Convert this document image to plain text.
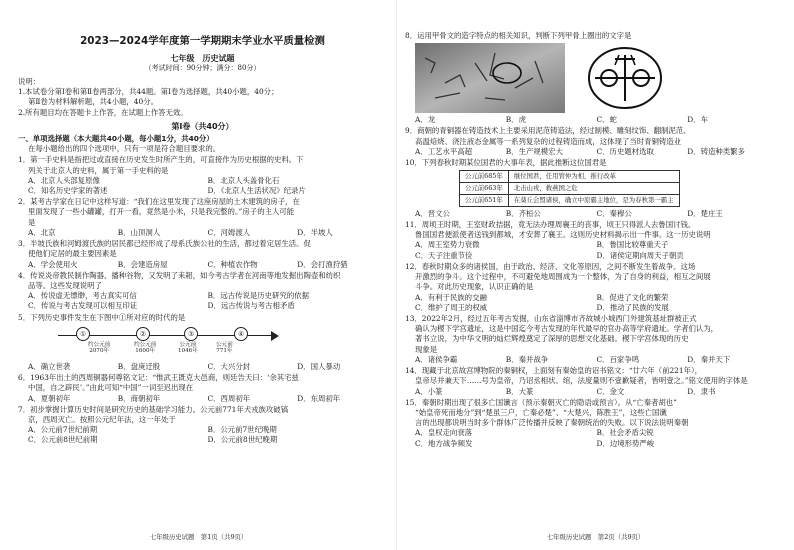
2023—2024学年度第一学期期末学业水平质量检测
七年级　历史试题
（考试时间：90分钟；满分：80分）
说明：
1.本试卷分第Ⅰ卷和第Ⅱ卷两部分，共44题。第Ⅰ卷为选择题，共40小题，40分；
第Ⅱ卷为材料解析题，共4小题，40分。
2.所有题目均在答题卡上作答，在试题上作答无效。
第Ⅰ卷（共40分）
一、单项选择题（本大题共40小题，每小题1分，共40分）
在每小题给出的四个选项中，只有一项是符合题目要求的。
1．第一手史料是指把过或直接在历史发生时所产生的，可直接作为历史根据的史料。下
列关于北京人的史料，属于第一手史料的是
A．北京人头部复原像	B．北京人头盖骨化石
C．知名历史学家的著述	D．《北京人生活状况》纪录片
2．某考古学家在日记中这样写道：“我们在这里发现了这座房屋的土木建筑的房子，在
里面发现了一些小罐罐，打开一看，竟然是小米，只是我完整的。”房子的主人可能
是
A．北京	B．山顶洞人	C．河姆渡人	D．半坡人
3．半坡氏族和河姆渡氏族的居民都已经形成了母系氏族公社的生活，都过着定居生活。促
使他们定居的最主要因素是
A．学会使用火	B．会建造房屋	C．种植农作物	D．会打渔狩猎
4．传说炎帝教民制作陶器、播种谷物，又发明了耒耜，如今考古学者在河南等地发掘出陶壶和纺织
品等。这些发现说明了
A．传说虚无缥缈，考古真实可信	B．远古传说是历史研究的依据
C．传说与考古发现可以相互印证	D．远古传说与考古相矛盾
5．下列历史事件发生在下图中①所对应的时代的是
①	②	③	④
约公元前
2070年
约公元前
1600年
公元前
1046年
公元前
771年
A．确立世袭	B．盘庚迁殷	C．大兴分封	D．国人暴动
6．1963年出土的西周铜器何尊铭文记：“惟武王既克大邑商，则廷告天曰：‘余其宅兹
中国，自之辟民’。”由此可知“中国”一词至迟出现在
A．夏朝初年	B．商朝初年	C．西周初年	D．东周初年
7．初步掌握计算历史时间是研究历史的基础学习能力。公元前771年犬戎族攻破镐
京，西周灭亡。按照公元纪年法，这一年处于
A．公元前7世纪前期	B．公元前7世纪晚期
C．公元前8世纪前期	D．公元前8世纪晚期
七年级历史试题　第1页（共9页）
8．运用甲骨文的造字特点的相关知识，判断下列甲骨上圈出的文字是
A．龙	B．虎	C．蛇	D．车
9．商朝的青铜器在铸造技术上主要采用泥范铸造法，经过制模、雕刻纹饰、翻制泥范、
高温焙烧、浇注液态金属等一系列复杂的过程铸造而成，这体现了当时青铜铸造业
A．工艺水平高超	B．生产规模宏大	C．历史题材选取	D．铸造种类繁多
10．下列春秋时期某位国君的大事年表，据此推断这位国君是
公元前685年	继位国君，任用管仲为相，推行改革
公元前663年	北击山戎，救燕国之危
公元前651年	在葵丘会盟诸侯，确立中原霸主地位，是为春秋第一霸主
A．晋文公	B．齐桓公	C．秦穆公	D．楚庄王
11．周顷王时期，王室财政拮据，竟无法办理周襄王的丧事，顷王只得派人去鲁国讨钱。
鲁国国君便派使者送钱到都城，才安葬了襄王。这则历史材料揭示出一件事。这一历史说明
A．周王室势力衰微	B．鲁国比较尊重天子
C．天子注重节俭	D．诸侯定期向周天子朝贡
12．春秋时期众多的诸侯国，由于政治、经济、文化等原因，之间不断发生着战争。这场
开激烈的争斗。这个过程中，不可避免地周围成为一个整体，为了自身的利益，相互之间展
斗争。对此历史现象，认识正确的是
A．有利于民族的交融	B．促进了文化的繁荣
C．维护了周王的权威	D．推动了民族的发展
13．2022年2月，经过五年考古发掘，山东省淄博市齐故城小城西门外建筑基址群被正式
确认为稷下学宫遗址，这是中国迄今考古发现的年代最早的官办高等学府遗址。学者们认为，
著书立说，为中华文明的灿烂辉煌奠定了深厚的思想文化基础。稷下学宫体现的历史
现象是
A．诸侯争霸	B．秦并战争	C．百家争鸣	D．秦并天下
14．现藏于北京故宫博物院的秦铜权，上面刻有秦始皇的诏书铭文：“廿六年（前221年），
皇帝尽并兼天下……号为皇帝，乃诏丞相状、绾，法度量则不壹歉疑者，皆明壹之。”铭文使用的字体是
A．小篆	B．大篆	C．金文	D．隶书
15．秦朝时期出现了很多亡国谶言（预示秦朝灭亡的隐语或预言）。从“亡秦者胡也”
“始皇帝死而地分”到“楚虽三户，亡秦必楚”、“大楚兴，陈胜王”，这些亡国谶
言的出现都说明当时多个群体广泛传播并反映了秦朝统治的失败。以下说法说明秦朝
A．皇权走向衰落	B．社会矛盾尖锐
C．地方战争频发	D．边境形势严峻
七年级历史试题　第2页（共9页）
